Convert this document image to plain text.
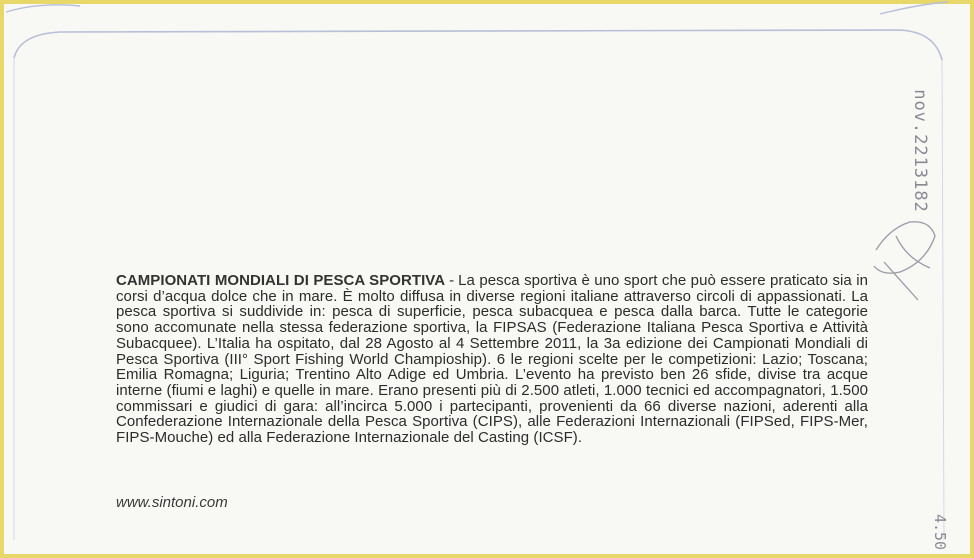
nov.2213182
4.50
CAMPIONATI MONDIALI DI PESCA SPORTIVA - La pesca sportiva è uno sport che può essere praticato sia in corsi d’acqua dolce che in mare. È molto diffusa in diverse regioni italiane attraverso circoli di appassionati. La pesca sportiva si suddivide in: pesca di superficie, pesca subacquea e pesca dalla barca. Tutte le categorie sono accomunate nella stessa federazione sportiva, la FIPSAS (Federazione Italiana Pesca Sportiva e Attività Subacquee). L’Italia ha ospitato, dal 28 Agosto al 4 Settembre 2011, la 3a edizione dei Campionati Mondiali di Pesca Sportiva (III° Sport Fishing World Champioship). 6 le regioni scelte per le competizioni: Lazio; Toscana; Emilia Romagna; Liguria; Trentino Alto Adige ed Umbria. L’evento ha previsto ben 26 sfide, divise tra acque interne (fiumi e laghi) e quelle in mare. Erano presenti più di 2.500 atleti, 1.000 tecnici ed accompagnatori, 1.500 commissari e giudici di gara: all’incirca 5.000 i partecipanti, provenienti da 66 diverse nazioni, aderenti alla Confederazione Internazionale della Pesca Sportiva (CIPS), alle Federazioni Internazionali (FIPSed, FIPS-Mer, FIPS-Mouche) ed alla Federazione Internazionale del Casting (ICSF).
www.sintoni.com
